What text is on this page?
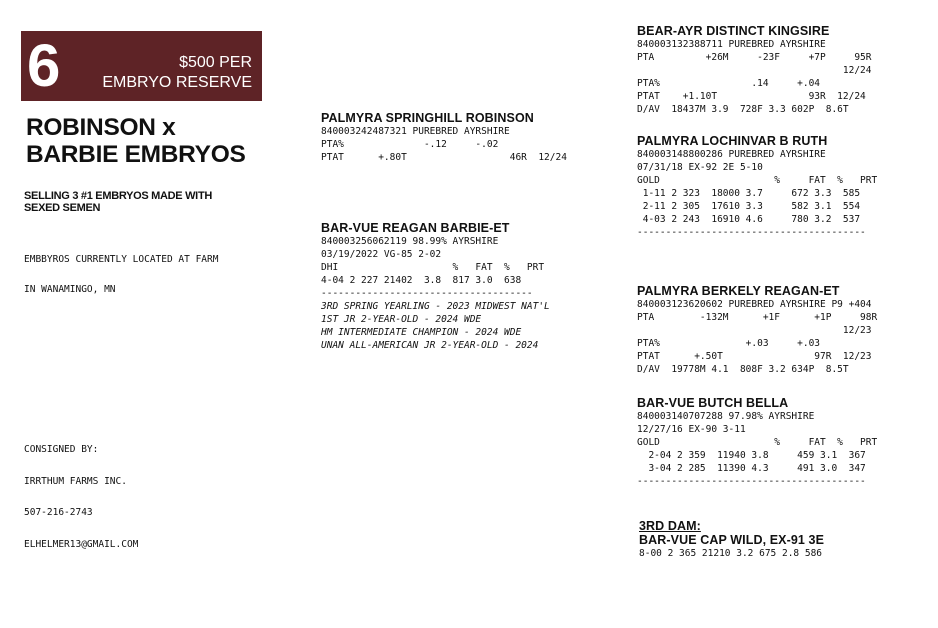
6	$500 PER
EMBRYO RESERVE
ROBINSON x
BARBIE EMBRYOS
SELLING 3 #1 EMBRYOS MADE WITH
SEXED SEMEN

EMBBYROS CURRENTLY LOCATED AT FARM

IN WANAMINGO, MN

CONSIGNED BY:

IRRTHUM FARMS INC.

507-216-2743

ELHELMER13@GMAIL.COM

PALMYRA SPRINGHILL ROBINSON
840003242487321 PUREBRED AYRSHIRE
PTA%              -.12     -.02
PTAT      +.80T                  46R  12/24
BAR-VUE REAGAN BARBIE-ET
840003256062119 98.99% AYRSHIRE
03/19/2022 VG-85 2-02
DHI                    %   FAT  %   PRT
4-04 2 227 21402  3.8  817 3.0  638
-------------------------------------
3RD SPRING YEARLING - 2023 MIDWEST NAT'L
1ST JR 2-YEAR-OLD - 2024 WDE
HM INTERMEDIATE CHAMPION - 2024 WDE
UNAN ALL-AMERICAN JR 2-YEAR-OLD - 2024
BEAR-AYR DISTINCT KINGSIRE
840003132388711 PUREBRED AYRSHIRE
PTA         +26M     -23F     +7P     95R
12/24
PTA%                .14     +.04
PTAT    +1.10T                93R  12/24
D/AV  18437M 3.9  728F 3.3 602P  8.6T
PALMYRA LOCHINVAR B RUTH
840003148800286 PUREBRED AYRSHIRE
07/31/18 EX-92 2E 5-10
GOLD                    %     FAT  %   PRT
1-11 2 323  18000 3.7     672 3.3  585
2-11 2 305  17610 3.3     582 3.1  554
4-03 2 243  16910 4.6     780 3.2  537
----------------------------------------
PALMYRA BERKELY REAGAN-ET
840003123620602 PUREBRED AYRSHIRE P9 +404
PTA        -132M      +1F      +1P     98R
12/23
PTA%               +.03     +.03
PTAT      +.50T                97R  12/23
D/AV  19778M 4.1  808F 3.2 634P  8.5T
BAR-VUE BUTCH BELLA
840003140707288 97.98% AYRSHIRE
12/27/16 EX-90 3-11
GOLD                    %     FAT  %   PRT
2-04 2 359  11940 3.8     459 3.1  367
3-04 2 285  11390 4.3     491 3.0  347
----------------------------------------
3RD DAM:
BAR-VUE CAP WILD, EX-91 3E
8-00 2 365 21210 3.2 675 2.8 586
